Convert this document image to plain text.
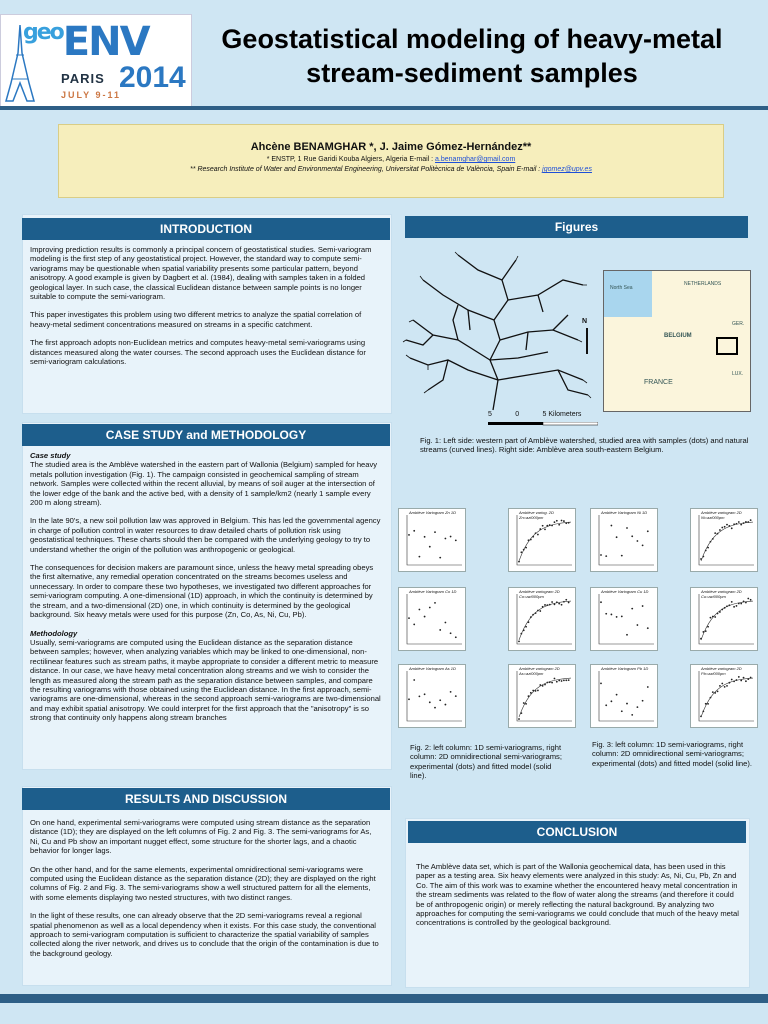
$^{geo}$ENV
PARIS 2014
JULY 9-11
Geostatistical modeling of heavy-metal
stream-sediment samples
Ahcène BENAMGHAR *, J. Jaime Gómez-Hernández**
* ENSTP, 1 Rue Garidi Kouba Algiers, Algeria E-mail : a.benamghar@gmail.com
** Research Institute of Water and Environmental Engineering, Universitat Politècnica de València, Spain E-mail : jgomez@upv.es
INTRODUCTION

Improving prediction results is commonly a principal concern of geostatistical studies. Semi-variogram modeling is the first step of any geostatistical project. However, the standard way to compute semi-variograms may be questionable when spatial variability presents some particular pattern, beyond anisotropy. A good example is given by Dagbert et al. (1984), dealing with samples taken in a folded geological layer. In such case, the classical Euclidean distance between sample points is no longer suitable to compute the semi-variogram.

This paper investigates this problem using two different metrics to analyze the spatial correlation of heavy-metal sediment concentrations measured on streams in a specific catchment.

The first approach adopts non-Euclidean metrics and computes heavy-metal semi-variograms using distances measured along the water courses. The second approach uses the Euclidean distance for semi-variogram calculations.

CASE STUDY and METHODOLOGY
Case study

The studied area is the Amblève watershed in the eastern part of Wallonia (Belgium) sampled for heavy metals pollution investigation (Fig. 1). The campaign consisted in geochemical sampling of stream network. Samples were collected within the recent alluvial, by means of soil auger at the intersection of the lower edge of the bank and the active bed, with a density of 1 sample/km2 (nearly 1 sample every 200 m along stream).

In the late 90's, a new soil pollution law was approved in Belgium. This has led the governmental agency in charge of pollution control in water resources to draw detailed charts of pollution risk using geostatistical techniques. These charts should then be compared with the underlying geology to try to understand whether the origin of the pollution was anthropogenic or geological.

The consequences for decision makers are paramount since, unless the heavy metal spreading obeys the first alternative, any remedial operation concentrated on the streams becomes useless and unnecessary. In order to compare these two hypotheses, we investigated two different approaches for semi-variogram computing. A one-dimensional (1D) approach, in which the continuity is determined by the stream, and a two-dimensional (2D) one, in which continuity is determined by the geological background. Six heavy metals were used for this purpose (Zn, Co, As, Ni, Cu, Pb).

Methodology

Usually, semi-variograms are computed using the Euclidean distance as the separation distance between samples; however, when analyzing variables which may be linked to one-dimensional, non-rectilinear features such as stream paths, it maybe appropriate to consider a different metric to measure distance. In our case, we have heavy metal concentration along streams and we wish to consider the length as measured along the stream path as the separation distance between samples, and compare the resulting variograms with those obtained using the Euclidean distance. In the first approach, semi-variograms are one-dimensional, whereas in the second approach semi-variograms are two-dimensional and may exhibit spatial anisotropy. We could interpret for the first approach that the "anisotropy" is so strong that continuity only happens along stream branches

RESULTS AND DISCUSSION

On one hand, experimental semi-variograms were computed using stream distance as the separation distance (1D); they are displayed on the left columns of Fig. 2 and Fig. 3. The semi-variograms for As, Ni, Cu and Pb show an important nugget effect, some structure for the shorter lags, and a chaotic behavior for longer lags.

On the other hand, and for the same elements, experimental omnidirectional semi-variograms were computed using the Euclidean distance as the separation distance (2D); they are displayed on the right columns of Fig. 2 and Fig. 3. The semi-variograms show a well structured pattern for all the elements, with some elements displaying two nested structures, with two distinct ranges.

In the light of these results, one can already observe that the 2D semi-variograms reveal a regional spatial phenomenon as well as a local dependency when it exists. For this case study, the conventional approach to semi-variogram computation is sufficient to characterize the spatial variability of samples collected along the river network, and drives us to conclude that the origin of the contamination is due to the background geology.

Figures
North Sea
NETHERLANDS
BELGIUM
FRANCE
GER.
LUX.
N
5	0	5 Kilometers
Fig. 1: Left side: western part of Amblève watershed, studied area with samples (dots) and natural streams (curved lines). Right side: Amblève area south-eastern Belgium.
Amblève Variogram Zn 1D	Amblève variog. 2D Zn=azi000pm
Amblève Variogram Ni 1D	Amblève variogram 2D Ni=azi000pm
Amblève Variogram Co 1D	Amblève variogram 2D Co=azi000pm
Amblève Variogram Cu 1D	Amblève variogram 2D Cu=azi000pm
Amblève Variogram As 1D	Amblève variogram 2D As=azi000pm
Amblève Variogram Pb 1D	Amblève variogram 2D Pb=azi000pm
Fig. 2: left column: 1D semi-variograms, right column: 2D omnidirectional semi-variograms; experimental (dots) and fitted model (solid line).
Fig. 3: left column: 1D semi-variograms, right column: 2D omnidirectional semi-variograms; experimental (dots) and fitted model (solid line).
CONCLUSION
The Amblève data set, which is part of the Wallonia geochemical data, has been used in this paper as a testing area. Six heavy elements were analyzed in this study: As, Ni, Cu, Pb, Zn and Co. The aim of this work was to examine whether the encountered heavy metal concentration in the stream sediments was related to the flow of water along the streams (and therefore it could be of anthropogenic origin) or merely reflecting the natural background. By analyzing two approaches for computing the semi-variograms we could conclude that much of the heavy metal concentrations is controlled by the geological background.
